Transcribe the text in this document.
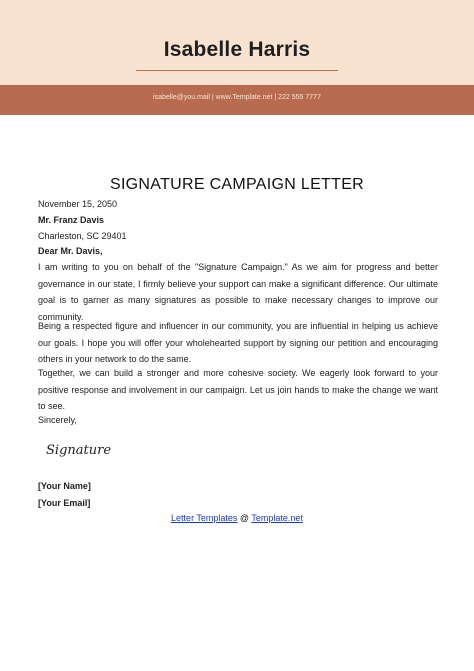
Isabelle Harris
isabelle@you.mail | www.Template.net | 222 555 7777
SIGNATURE CAMPAIGN LETTER
November 15, 2050
Mr. Franz Davis
Charleston, SC 29401
Dear Mr. Davis,
I am writing to you on behalf of the "Signature Campaign." As we aim for progress and better governance in our state, I firmly believe your support can make a significant difference. Our ultimate goal is to garner as many signatures as possible to make necessary changes to improve our community.
Being a respected figure and influencer in our community, you are influential in helping us achieve our goals. I hope you will offer your wholehearted support by signing our petition and encouraging others in your network to do the same.
Together, we can build a stronger and more cohesive society. We eagerly look forward to your positive response and involvement in our campaign. Let us join hands to make the change we want to see.
Sincerely,
Signature
[Your Name]
[Your Email]
Letter Templates @ Template.net
